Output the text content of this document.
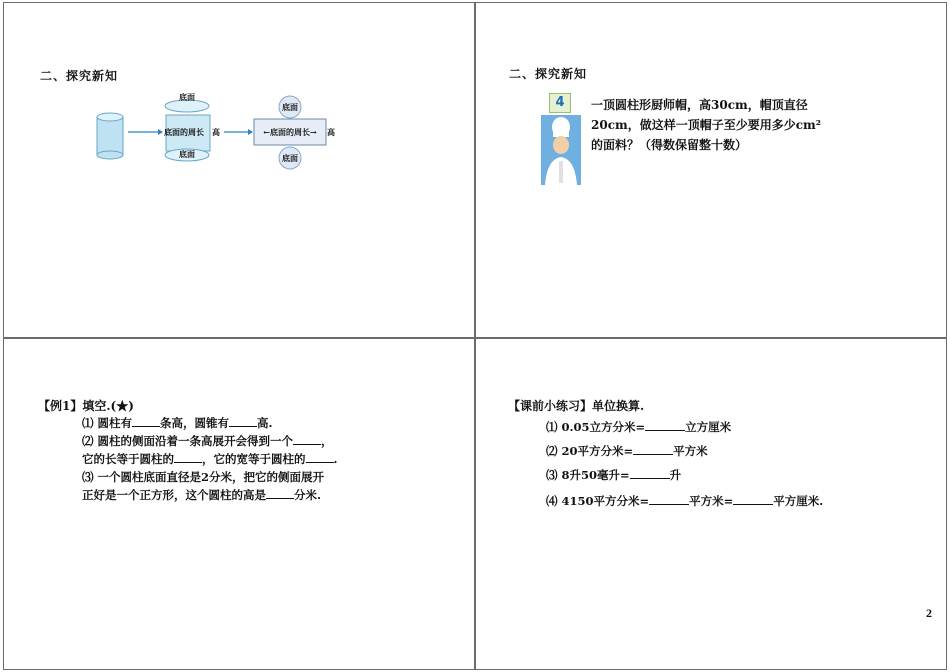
二、探究新知
底面
底面的周长 高
底面
底面
←底面的周长→ 高
底面
二、探究新知
4	一顶圆柱形厨师帽，高30cm，帽顶直径
20cm，做这样一顶帽子至少要用多少cm²
的面料？（得数保留整十数）
【例1】填空.(★)
⑴ 圆柱有 条高，圆锥有 高.
⑵ 圆柱的侧面沿着一条高展开会得到一个 ，
它的长等于圆柱的 ，它的宽等于圆柱的 .
⑶ 一个圆柱底面直径是2分米，把它的侧面展开
正好是一个正方形，这个圆柱的高是 分米.
【课前小练习】单位换算.
⑴ 0.05立方分米=	立方厘米
⑵ 20平方分米=	平方米
⑶ 8升50毫升=	升
⑷ 4150平方分米=	平方米=	平方厘米.
2
